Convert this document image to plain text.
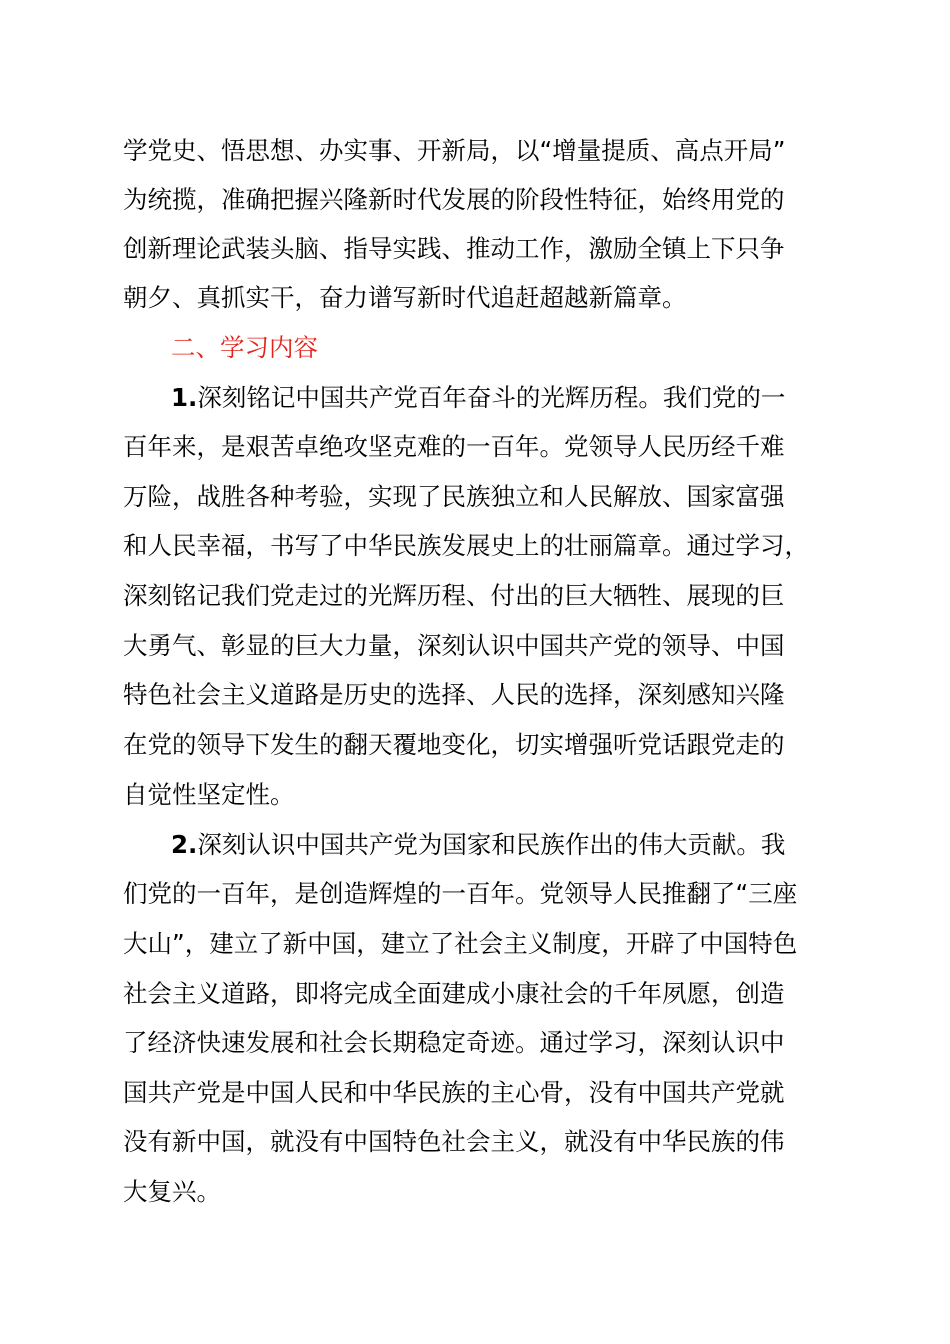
学党史、悟思想、办实事、开新局，以“增量提质、高点开局”
为统揽，准确把握兴隆新时代发展的阶段性特征，始终用党的
创新理论武装头脑、指导实践、推动工作，激励全镇上下只争
朝夕、真抓实干，奋力谱写新时代追赶超越新篇章。
二、学习内容
1.深刻铭记中国共产党百年奋斗的光辉历程。我们党的一
百年来，是艰苦卓绝攻坚克难的一百年。党领导人民历经千难
万险，战胜各种考验，实现了民族独立和人民解放、国家富强
和人民幸福，书写了中华民族发展史上的壮丽篇章。通过学习，
深刻铭记我们党走过的光辉历程、付出的巨大牺牲、展现的巨
大勇气、彰显的巨大力量，深刻认识中国共产党的领导、中国
特色社会主义道路是历史的选择、人民的选择，深刻感知兴隆
在党的领导下发生的翻天覆地变化，切实增强听党话跟党走的
自觉性坚定性。
2.深刻认识中国共产党为国家和民族作出的伟大贡献。我
们党的一百年，是创造辉煌的一百年。党领导人民推翻了“三座
大山”，建立了新中国，建立了社会主义制度，开辟了中国特色
社会主义道路，即将完成全面建成小康社会的千年夙愿，创造
了经济快速发展和社会长期稳定奇迹。通过学习，深刻认识中
国共产党是中国人民和中华民族的主心骨，没有中国共产党就
没有新中国，就没有中国特色社会主义，就没有中华民族的伟
大复兴。
